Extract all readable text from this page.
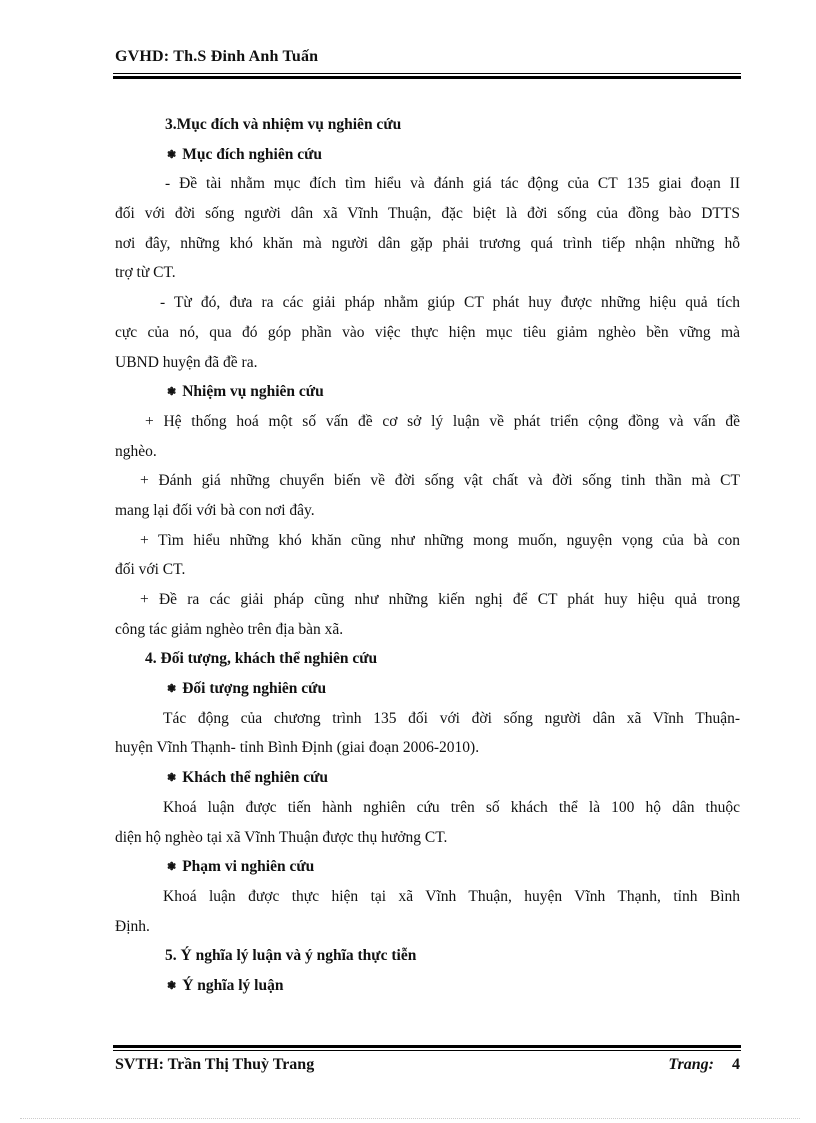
GVHD: Th.S Đinh Anh Tuấn
3.Mục đích và nhiệm vụ nghiên cứu
❃ Mục đích nghiên cứu
- Đề tài nhằm mục đích tìm hiểu và đánh giá tác động của CT 135 giai đoạn II
đối với đời sống người dân xã Vĩnh Thuận, đặc biệt là đời sống của đồng bào DTTS
nơi đây, những khó khăn mà người dân gặp phải trương quá trình tiếp nhận những hỗ
trợ từ CT.
- Từ đó, đưa ra các giải pháp nhằm giúp CT phát huy được những hiệu quả tích
cực của nó, qua đó góp phần vào việc thực hiện mục tiêu giảm nghèo bền vững mà
UBND huyện đã đề ra.
❃ Nhiệm vụ nghiên cứu
+ Hệ thống hoá một số vấn đề cơ sở lý luận về phát triển cộng đồng và vấn đề
nghèo.
+ Đánh giá những chuyển biến về đời sống vật chất và đời sống tinh thần mà CT
mang lại đối với bà con nơi đây.
+ Tìm hiểu những khó khăn cũng như những mong muốn, nguyện vọng của bà con
đối với CT.
+ Đề ra các giải pháp cũng như những kiến nghị để CT phát huy hiệu quả trong
công tác giảm nghèo trên địa bàn xã.
4. Đối tượng, khách thể nghiên cứu
❃ Đối tượng nghiên cứu
Tác động của chương trình 135 đối với đời sống người dân xã Vĩnh Thuận-
huyện Vĩnh Thạnh- tỉnh Bình Định (giai đoạn 2006-2010).
❃ Khách thể nghiên cứu
Khoá luận được tiến hành nghiên cứu trên số khách thể là 100 hộ dân thuộc
diện hộ nghèo tại xã Vĩnh Thuận được thụ hưởng CT.
❃ Phạm vi nghiên cứu
Khoá luận được thực hiện tại xã Vĩnh Thuận, huyện Vĩnh Thạnh, tỉnh Bình
Định.
5. Ý nghĩa lý luận và ý nghĩa thực tiễn
❃ Ý nghĩa lý luận
SVTH: Trần Thị Thuỳ Trang	Trang: 4
